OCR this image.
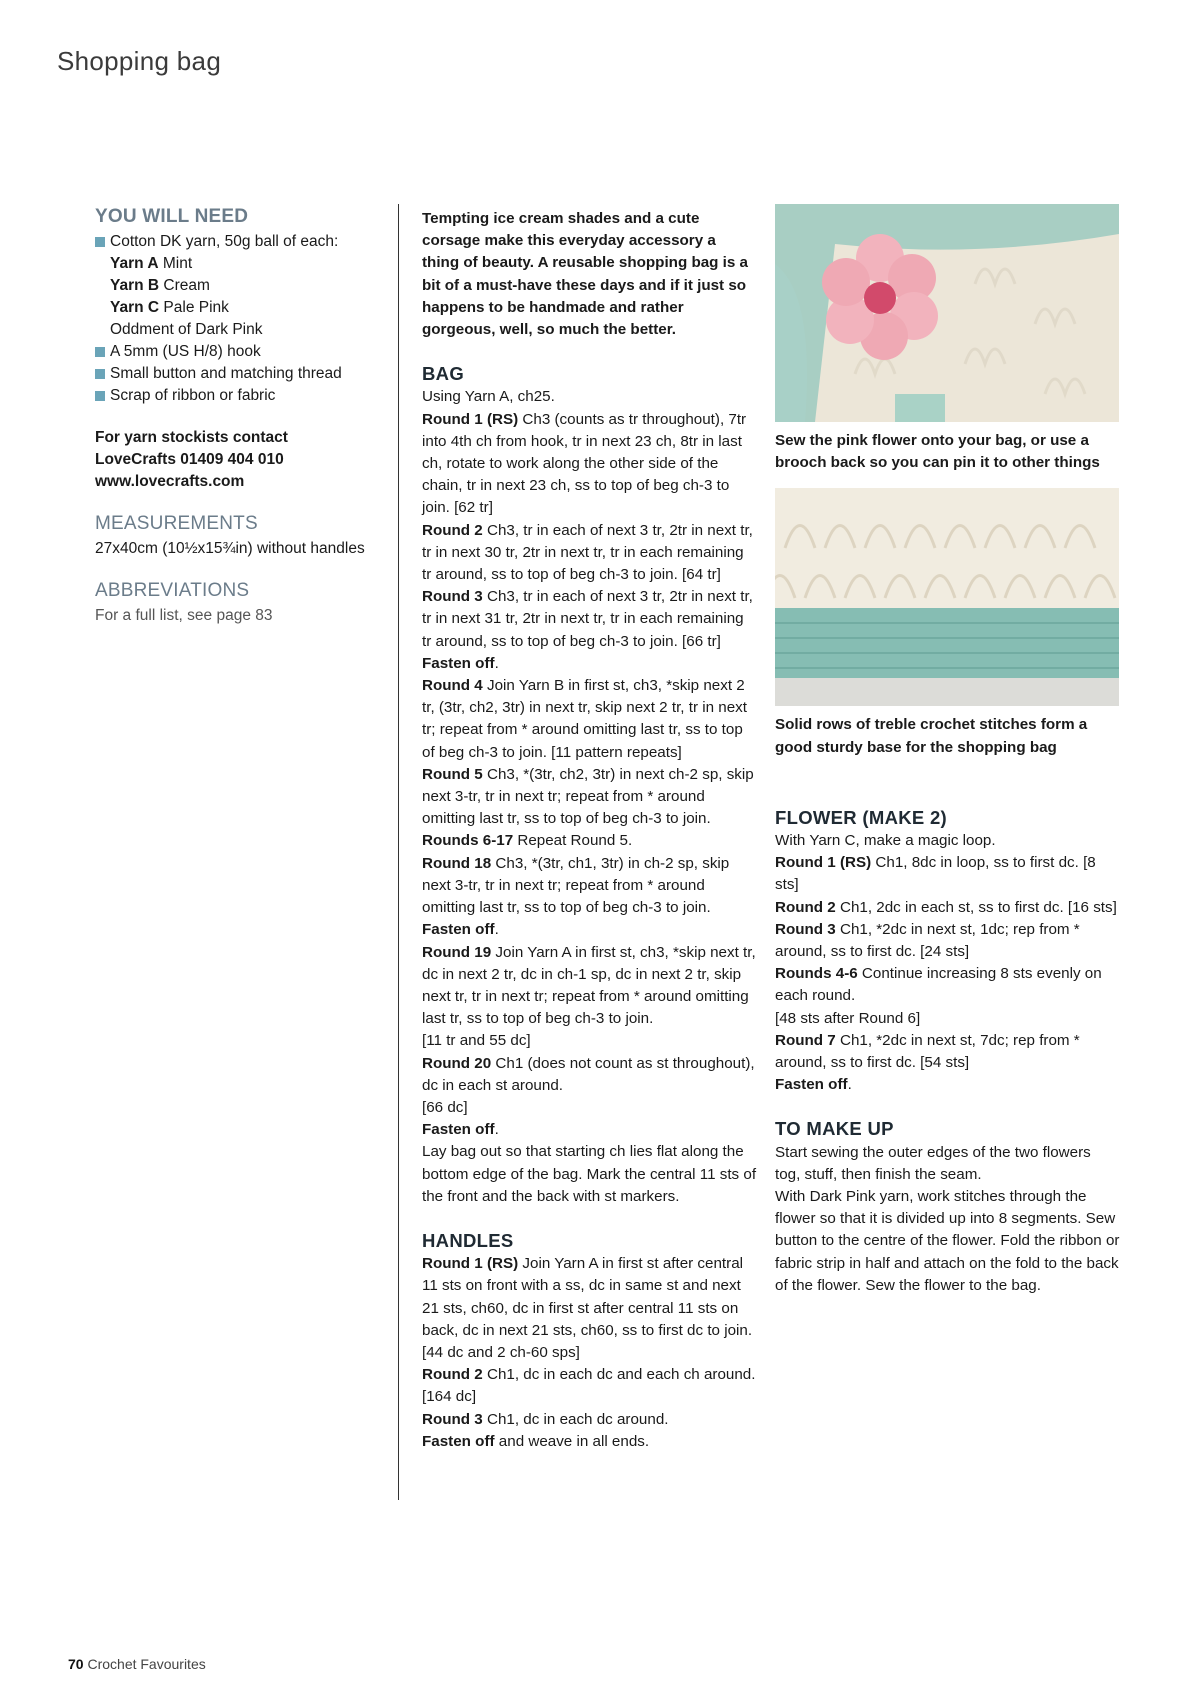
Shopping bag
YOU WILL NEED
Cotton DK yarn, 50g ball of each:
Yarn A Mint
Yarn B Cream
Yarn C Pale Pink
Oddment of Dark Pink
A 5mm (US H/8) hook
Small button and matching thread
Scrap of ribbon or fabric
For yarn stockists contact
LoveCrafts 01409 404 010
www.lovecrafts.com
MEASUREMENTS
27x40cm (10½x15¾in) without handles
ABBREVIATIONS
For a full list, see page 83

Tempting ice cream shades and a cute corsage make this everyday accessory a thing of beauty. A reusable shopping bag is a bit of a must-have these days and if it just so happens to be handmade and rather gorgeous, well, so much the better.

BAG

Using Yarn A, ch25.

Round 1 (RS) Ch3 (counts as tr throughout), 7tr into 4th ch from hook, tr in next 23 ch, 8tr in last ch, rotate to work along the other side of the chain, tr in next 23 ch, ss to top of beg ch-3 to join. [62 tr]

Round 2 Ch3, tr in each of next 3 tr, 2tr in next tr, tr in next 30 tr, 2tr in next tr, tr in each remaining tr around, ss to top of beg ch-3 to join. [64 tr]

Round 3 Ch3, tr in each of next 3 tr, 2tr in next tr, tr in next 31 tr, 2tr in next tr, tr in each remaining tr around, ss to top of beg ch-3 to join. [66 tr]

Fasten off.

Round 4 Join Yarn B in first st, ch3, *skip next 2 tr, (3tr, ch2, 3tr) in next tr, skip next 2 tr, tr in next tr; repeat from * around omitting last tr, ss to top of beg ch-3 to join. [11 pattern repeats]

Round 5 Ch3, *(3tr, ch2, 3tr) in next ch-2 sp, skip next 3-tr, tr in next tr; repeat from * around omitting last tr, ss to top of beg ch-3 to join.

Rounds 6-17 Repeat Round 5.

Round 18 Ch3, *(3tr, ch1, 3tr) in ch-2 sp, skip next 3-tr, tr in next tr; repeat from * around omitting last tr, ss to top of beg ch-3 to join.

Fasten off.

Round 19 Join Yarn A in first st, ch3, *skip next tr, dc in next 2 tr, dc in ch-1 sp, dc in next 2 tr, skip next tr, tr in next tr; repeat from * around omitting last tr, ss to top of beg ch-3 to join.

[11 tr and 55 dc]

Round 20 Ch1 (does not count as st throughout), dc in each st around.

[66 dc]

Fasten off.

Lay bag out so that starting ch lies flat along the bottom edge of the bag. Mark the central 11 sts of the front and the back with st markers.

HANDLES

Round 1 (RS) Join Yarn A in first st after central 11 sts on front with a ss, dc in same st and next 21 sts, ch60, dc in first st after central 11 sts on back, dc in next 21 sts, ch60, ss to first dc to join. [44 dc and 2 ch-60 sps]

Round 2 Ch1, dc in each dc and each ch around. [164 dc]

Round 3 Ch1, dc in each dc around.

Fasten off and weave in all ends.

Sew the pink flower onto your bag, or use a brooch back so you can pin it to other things

Solid rows of treble crochet stitches form a good sturdy base for the shopping bag

FLOWER (MAKE 2)

With Yarn C, make a magic loop.

Round 1 (RS) Ch1, 8dc in loop, ss to first dc. [8 sts]

Round 2 Ch1, 2dc in each st, ss to first dc. [16 sts]

Round 3 Ch1, *2dc in next st, 1dc; rep from * around, ss to first dc. [24 sts]

Rounds 4-6 Continue increasing 8 sts evenly on each round.

[48 sts after Round 6]

Round 7 Ch1, *2dc in next st, 7dc; rep from * around, ss to first dc. [54 sts]

Fasten off.

TO MAKE UP

Start sewing the outer edges of the two flowers tog, stuff, then finish the seam.

With Dark Pink yarn, work stitches through the flower so that it is divided up into 8 segments. Sew button to the centre of the flower. Fold the ribbon or fabric strip in half and attach on the fold to the back of the flower. Sew the flower to the bag.

70 Crochet Favourites
